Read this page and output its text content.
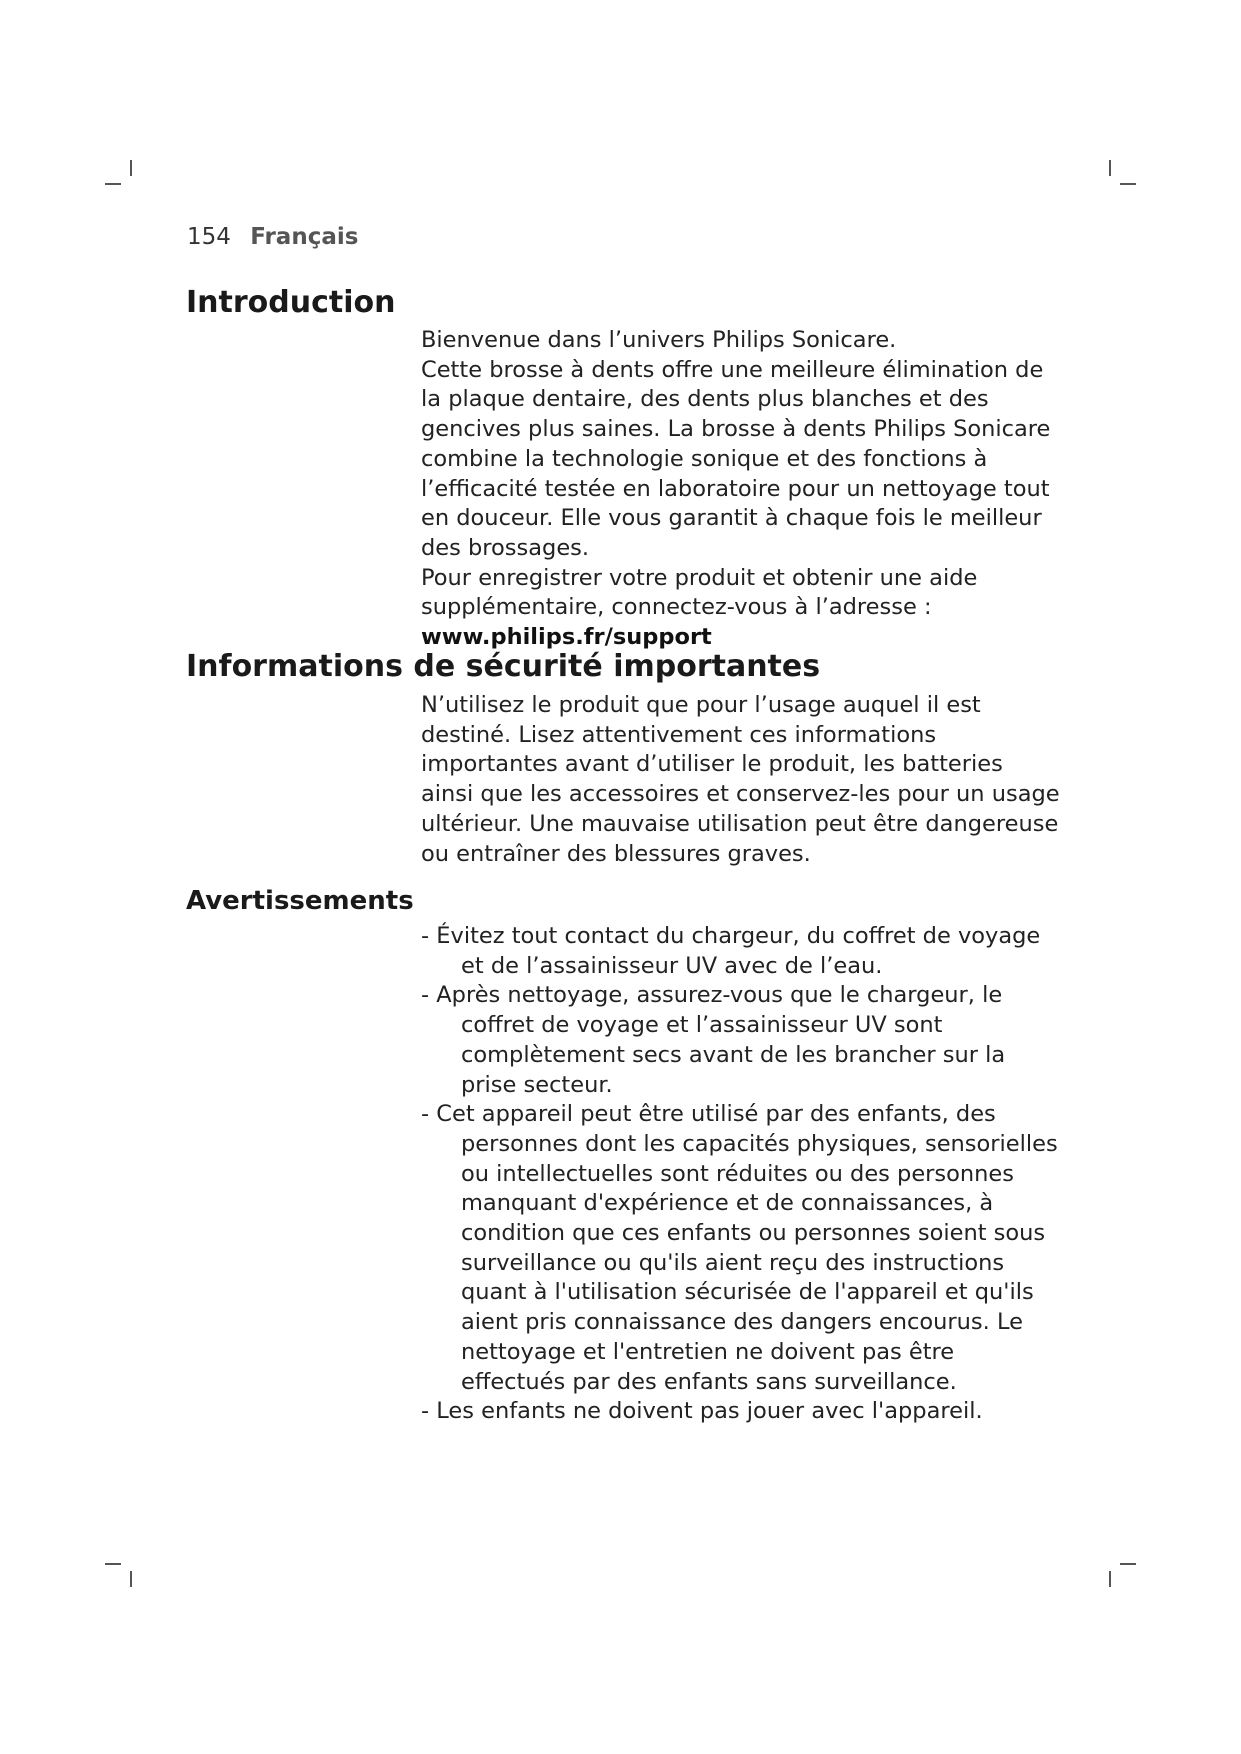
154 Français
Introduction

Bienvenue dans l’univers Philips Sonicare.

Cette brosse à dents offre une meilleure élimination de la plaque dentaire, des dents plus blanches et des gencives plus saines. La brosse à dents Philips Sonicare combine la technologie sonique et des fonctions à l’efficacité testée en laboratoire pour un nettoyage tout en douceur. Elle vous garantit à chaque fois le meilleur des brossages.

Pour enregistrer votre produit et obtenir une aide supplémentaire, connectez-vous à l’adresse :

www.philips.fr/support

Informations de sécurité importantes

N’utilisez le produit que pour l’usage auquel il est destiné. Lisez attentivement ces informations importantes avant d’utiliser le produit, les batteries ainsi que les accessoires et conservez-les pour un usage ultérieur. Une mauvaise utilisation peut être dangereuse ou entraîner des blessures graves.

Avertissements
- Évitez tout contact du chargeur, du coffret de voyage et de l’assainisseur UV avec de l’eau.
- Après nettoyage, assurez-vous que le chargeur, le coffret de voyage et l’assainisseur UV sont complètement secs avant de les brancher sur la prise secteur.
- Cet appareil peut être utilisé par des enfants, des personnes dont les capacités physiques, sensorielles ou intellectuelles sont réduites ou des personnes manquant d'expérience et de connaissances, à condition que ces enfants ou personnes soient sous surveillance ou qu'ils aient reçu des instructions quant à l'utilisation sécurisée de l'appareil et qu'ils aient pris connaissance des dangers encourus. Le nettoyage et l'entretien ne doivent pas être effectués par des enfants sans surveillance.
- Les enfants ne doivent pas jouer avec l'appareil.
